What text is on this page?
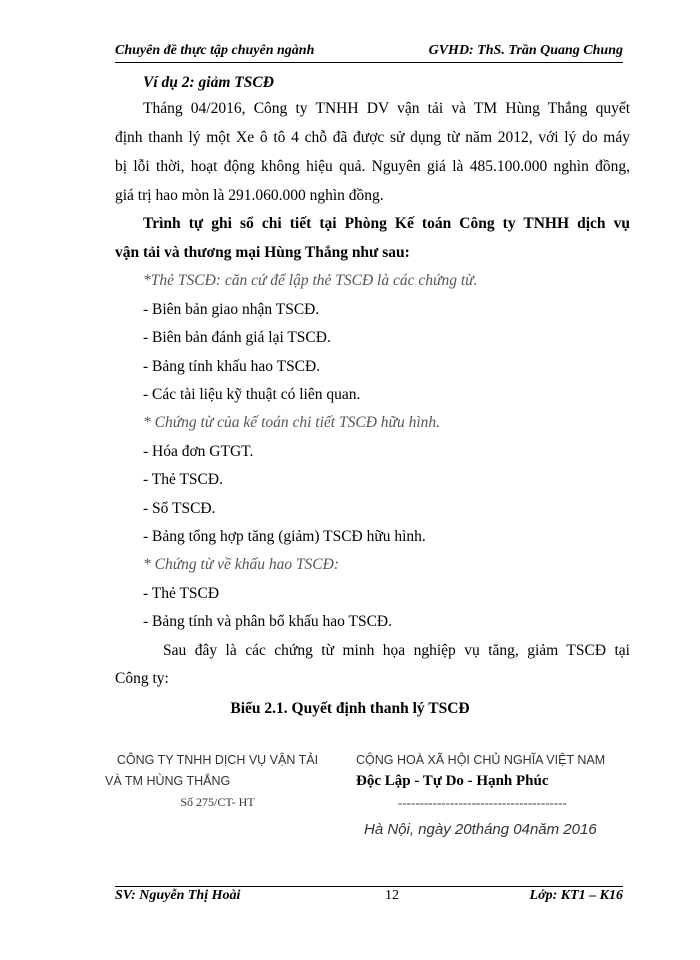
Chuyên đề thực tập chuyên ngành	GVHD: ThS. Trần Quang Chung
Ví dụ 2: giảm TSCĐ
Tháng 04/2016, Công ty TNHH DV vận tải và TM Hùng Thắng quyết
định thanh lý một Xe ô tô 4 chỗ đã được sử dụng từ năm 2012, với lý do máy
bị lỗi thời, hoạt động không hiệu quả. Nguyên giá là 485.100.000 nghìn đồng,
giá trị hao mòn là 291.060.000 nghìn đồng.
Trình tự ghi sổ chi tiết tại Phòng Kế toán Công ty TNHH dịch vụ
vận tải và thương mại Hùng Thắng như sau:
*Thẻ TSCĐ: căn cứ để lập thẻ TSCĐ là các chứng từ.
- Biên bản giao nhận TSCĐ.
- Biên bản đánh giá lại TSCĐ.
- Bảng tính khấu hao TSCĐ.
- Các tài liệu kỹ thuật có liên quan.
* Chứng từ của kế toán chi tiết TSCĐ hữu hình.
- Hóa đơn GTGT.
- Thẻ TSCĐ.
- Sổ TSCĐ.
- Bảng tổng hợp tăng (giảm) TSCĐ hữu hình.
* Chứng từ về khấu hao TSCĐ:
- Thẻ TSCĐ
- Bảng tính và phân bổ khấu hao TSCĐ.
Sau đây là các chứng từ minh họa nghiệp vụ tăng, giảm TSCĐ tại
Công ty:
Biểu 2.1. Quyết định thanh lý TSCĐ
CÔNG TY TNHH DỊCH VỤ VẬN TẢI
VÀ TM HÙNG THẮNG
Số 275/CT- HT
CỘNG HOÀ XÃ HỘI CHỦ NGHĨA VIỆT NAM
Độc Lập - Tự Do - Hạnh Phúc
---------------------------------------
Hà Nội, ngày 20tháng 04năm 2016
SV: Nguyễn Thị Hoài	12	Lớp: KT1 – K16
